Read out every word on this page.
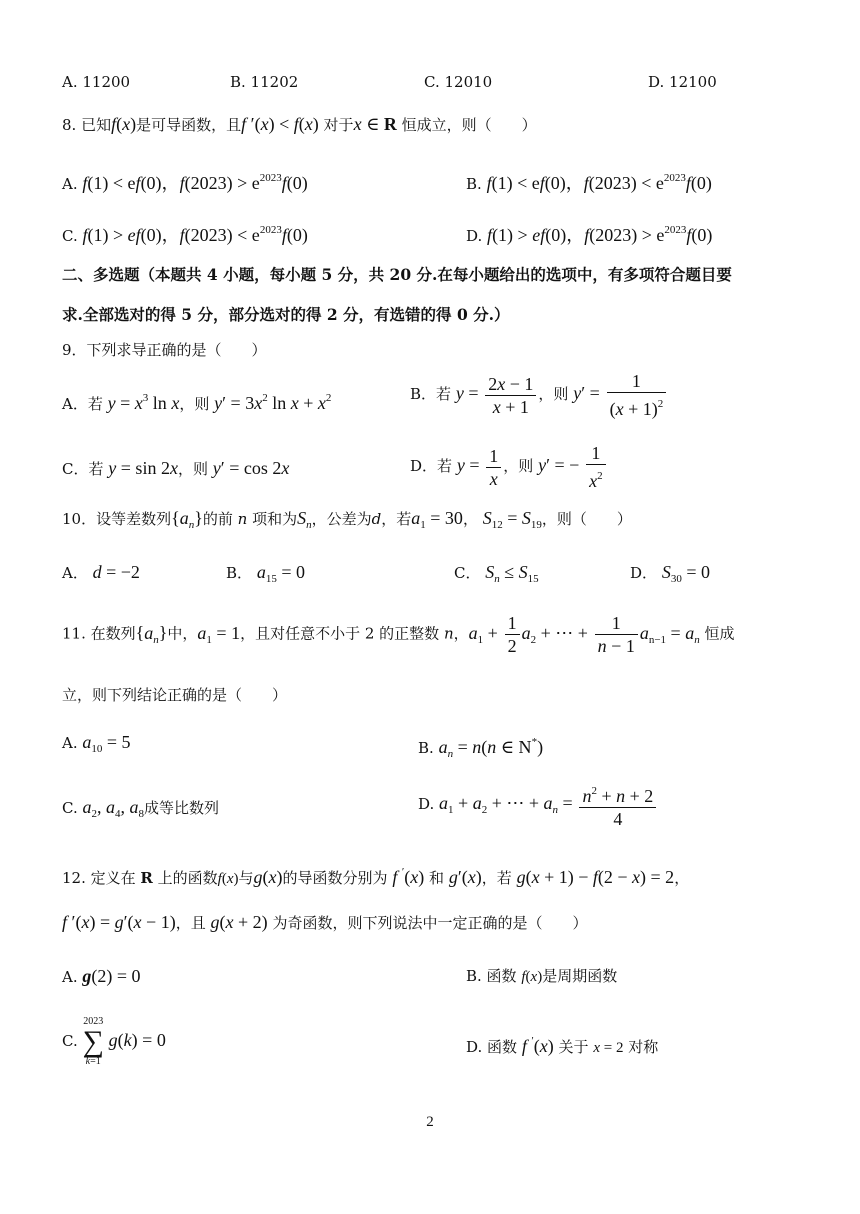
A. 11200	B. 11202	C. 12010	D. 12100
8. 已知f(x)是可导函数，且f ′(x) < f(x) 对于x ∈ R 恒成立，则（　　）
A. f(1) < ef(0)，$f(2023) > e^{2023}f(0)$	B. f(1) < ef(0)，$f(2023) < e^{2023}f(0)$
C. f(1) > ef(0)，$f(2023) < e^{2023}f(0)$	D. f(1) > ef(0)，$f(2023) > e^{2023}f(0)$
二、多选题（本题共 4 小题，每小题 5 分，共 20 分.在每小题给出的选项中，有多项符合题目要
求.全部选对的得 5 分，部分选对的得 2 分，有选错的得 0 分.）
9．下列求导正确的是（　　）
A．若 $y = x^3$ ln x，则 $y' = 3x^2$ $\ln x + x^2$	B．若 $y = \frac{2x - 1}{x + 1}$ ，则 $y' = \frac{1}{(x + 1)^2}$
C．若 y = sin 2x，则 y′ = cos 2x	D．若 $y = \frac{1}{x}$ ，则 y′ = − $\frac{1}{x^2}$
10．设等差数列$\{a_n\}$的前 n 项和为$S_n$，公差为d，若$a_1 = 30$， $S_{12} = S_{19}$，则（　　）
A． d = −2	B． $a_{15} = 0$	C． $S_n \le S_{15}$	D． $S_{30} = 0$
11. 在数列$\{a_n\}$中，$a_1 = 1$，且对任意不小于 2 的正整数 n，$a_1 + \frac{1}{2} a_2$ + ⋯ + $\frac{1}{n - 1} a_{n-1} = a_n$ 恒成
立，则下列结论正确的是（　　）
A. $a_{10} = 5$	B. $a_n = n(n$ ∈ N*)
C. $a_2$, $a_4$, $a_8$成等比数列	D. $a_1 + a_2$ + ⋯ + $a_n = \frac{n^2 + n + 2}{4}$
12. 定义在 R 上的函数f(x)与g(x)的导函数分别为 f ′(x) 和 g′(x)，若 g(x + 1) − f(2 − x) = 2，
f ′(x) = g′(x − 1)，且 g(x + 2) 为奇函数，则下列说法中一定正确的是（　　）
A. g(2) = 0	B. 函数 f(x)是周期函数
C.
2023
∑
k=1
g(k) = 0	D. 函数 f ′(x) 关于 x = 2 对称
2
